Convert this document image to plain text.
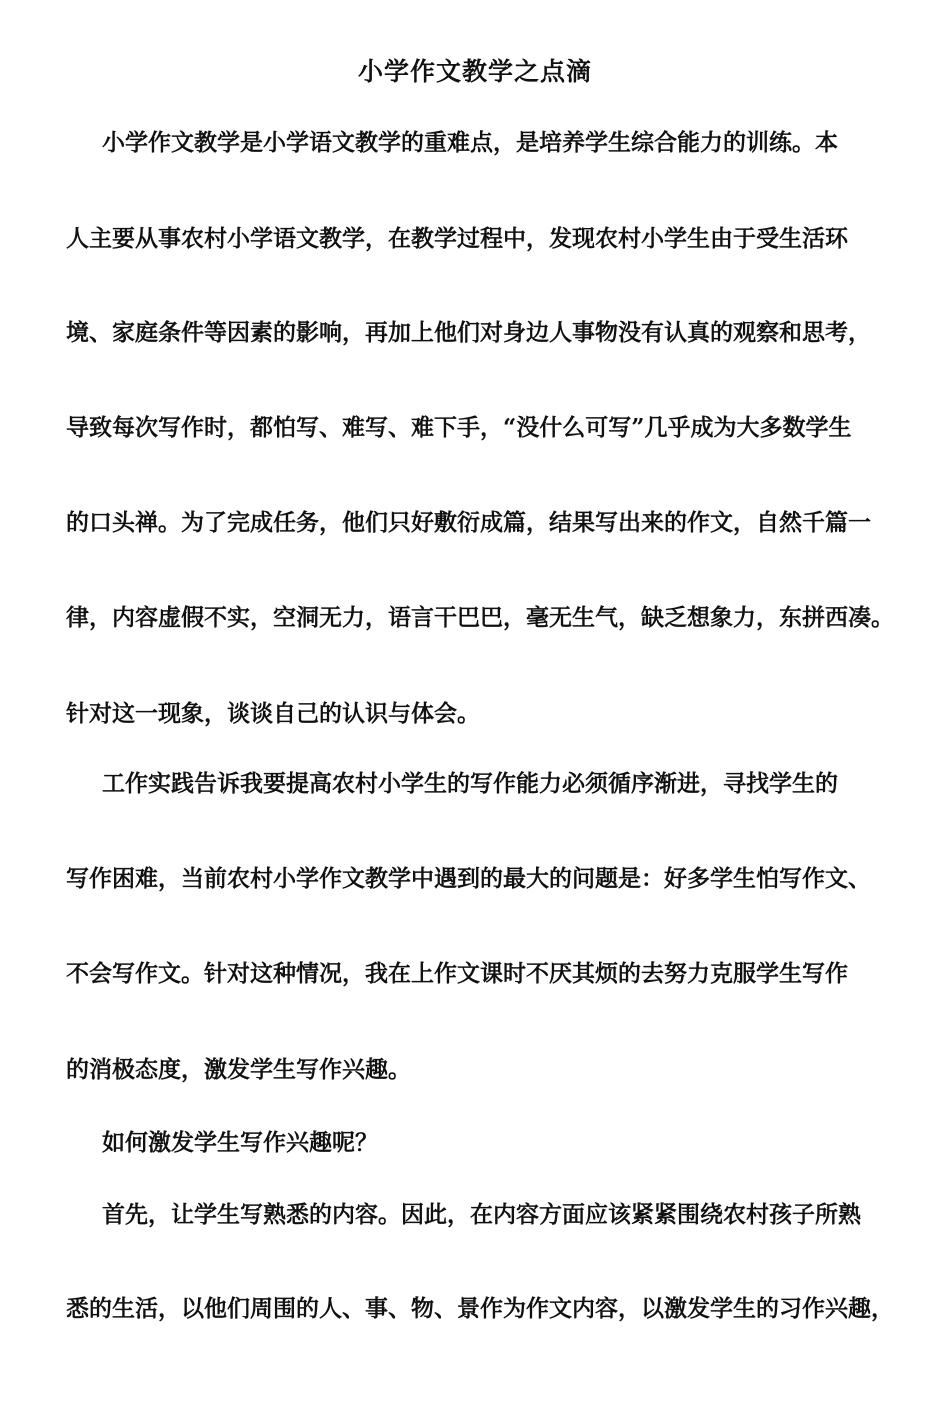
小学作文教学之点滴
小学作文教学是小学语文教学的重难点，是培养学生综合能力的训练。本
人主要从事农村小学语文教学，在教学过程中，发现农村小学生由于受生活环
境、家庭条件等因素的影响，再加上他们对身边人事物没有认真的观察和思考，
导致每次写作时，都怕写、难写、难下手，“没什么可写”几乎成为大多数学生
的口头禅。为了完成任务，他们只好敷衍成篇，结果写出来的作文，自然千篇一
律，内容虚假不实，空洞无力，语言干巴巴，毫无生气，缺乏想象力，东拼西凑。
针对这一现象，谈谈自己的认识与体会。
工作实践告诉我要提高农村小学生的写作能力必须循序渐进，寻找学生的
写作困难，当前农村小学作文教学中遇到的最大的问题是：好多学生怕写作文、
不会写作文。针对这种情况，我在上作文课时不厌其烦的去努力克服学生写作
的消极态度，激发学生写作兴趣。
如何激发学生写作兴趣呢？
首先，让学生写熟悉的内容。因此，在内容方面应该紧紧围绕农村孩子所熟
悉的生活，以他们周围的人、事、物、景作为作文内容，以激发学生的习作兴趣，
